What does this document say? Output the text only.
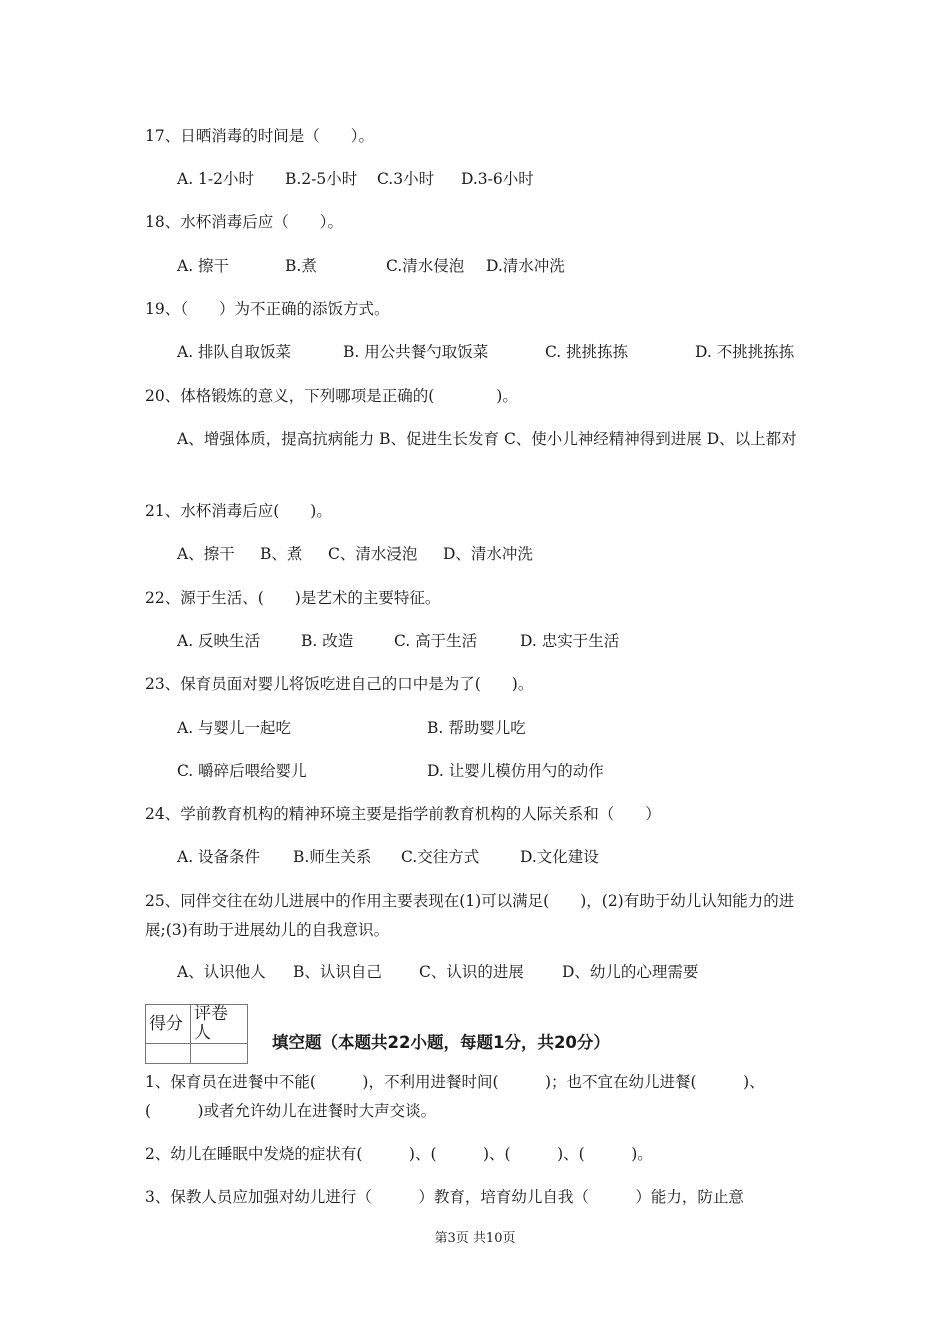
17、日晒消毒的时间是（　　）。
A. 1-2小时 B.2-5小时 C.3小时 D.3-6小时
18、水杯消毒后应（　　）。
A. 擦干	B.煮	C.清水侵泡 D.清水冲洗
19、（　　）为不正确的添饭方式。
A. 排队自取饭菜	B. 用公共餐勺取饭菜	C. 挑挑拣拣	D. 不挑挑拣拣
20、体格锻炼的意义，下列哪项是正确的(　　　　)。
A、增强体质，提高抗病能力 B、促进生长发育 C、使小儿神经精神得到进展 D、以上都对
21、水杯消毒后应(　　)。
A、擦干 B、煮 C、清水浸泡 D、清水冲洗
22、源于生活、(　　)是艺术的主要特征。
A. 反映生活	B. 改造	C. 高于生活	D. 忠实于生活
23、保育员面对婴儿将饭吃进自己的口中是为了(　　)。
A. 与婴儿一起吃	B. 帮助婴儿吃
C. 嚼碎后喂给婴儿	D. 让婴儿模仿用勺的动作
24、学前教育机构的精神环境主要是指学前教育机构的人际关系和（　　）
A. 设备条件 B.师生关系 C.交往方式	D.文化建设
25、同伴交往在幼儿进展中的作用主要表现在(1)可以满足(　　)，(2)有助于幼儿认知能力的进展;(3)有助于进展幼儿的自我意识。
A、认识他人 B、认识自己 C、认识的进展 D、幼儿的心理需要
得分	评卷人
		填空题（本题共22小题，每题1分，共20分）
1、保育员在进餐中不能(　　　)，不利用进餐时间(　　　)；也不宜在幼儿进餐(　　　)、(　　　)或者允许幼儿在进餐时大声交谈。
2、幼儿在睡眠中发烧的症状有(　　　)、(　　　)、(　　　)、(　　　)。
3、保教人员应加强对幼儿进行（　　　）教育，培育幼儿自我（　　　）能力，防止意
第3页 共10页
